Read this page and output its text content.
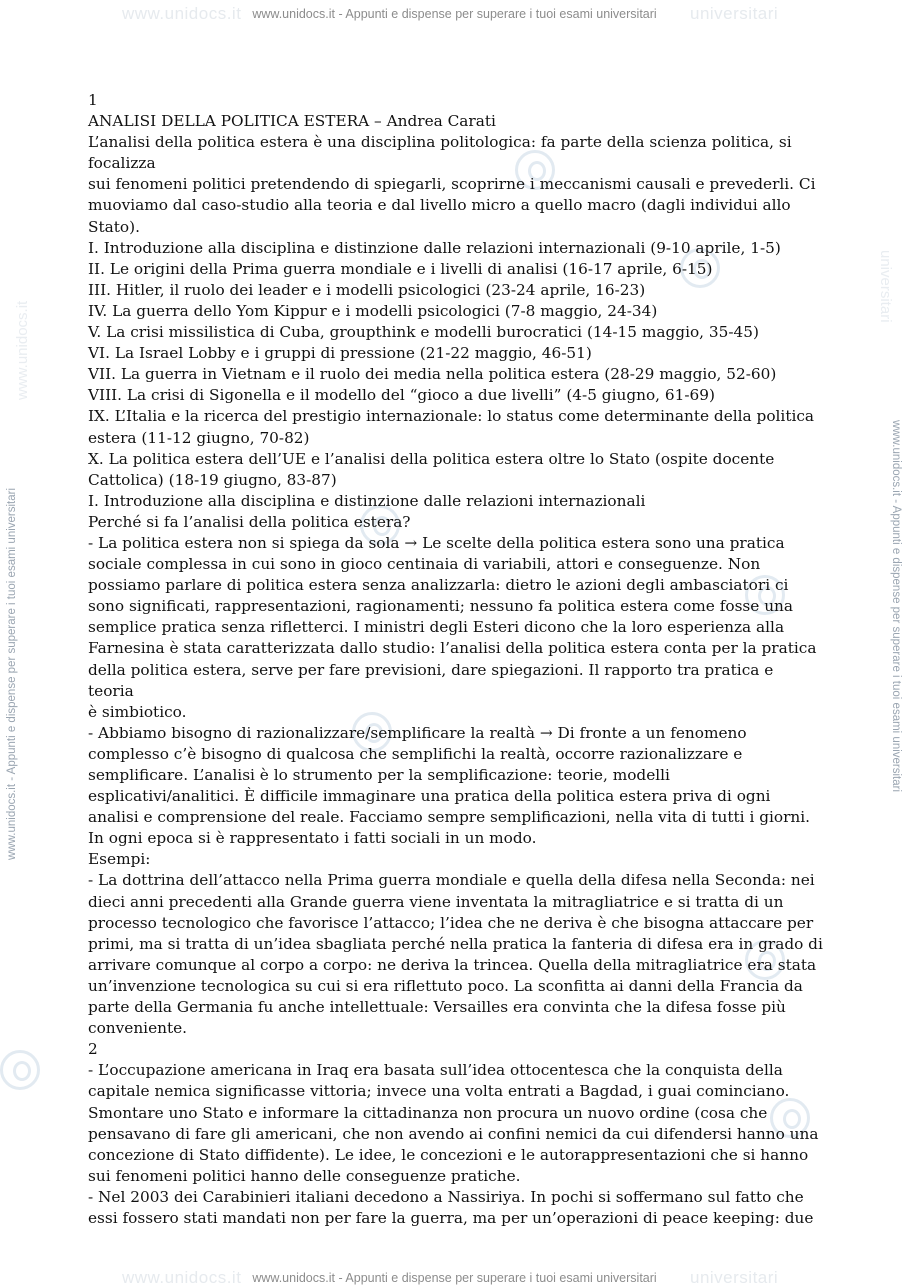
www.unidocs.it	universitari
www.unidocs.it - Appunti e dispense per superare i tuoi esami universitari
www.unidocs.it	universitari
www.unidocs.it - Appunti e dispense per superare i tuoi esami universitari
www.unidocs.it
www.unidocs.it - Appunti e dispense per superare i tuoi esami universitari
universitari
www.unidocs.it - Appunti e dispense per superare i tuoi esami universitari

1

ANALISI DELLA POLITICA ESTERA – Andrea Carati

L’analisi della politica estera è una disciplina politologica: fa parte della scienza politica, si

focalizza

sui fenomeni politici pretendendo di spiegarli, scoprirne i meccanismi causali e prevederli. Ci

muoviamo dal caso-studio alla teoria e dal livello micro a quello macro (dagli individui allo Stato).

I. Introduzione alla disciplina e distinzione dalle relazioni internazionali (9-10 aprile, 1-5)

II. Le origini della Prima guerra mondiale e i livelli di analisi (16-17 aprile, 6-15)

III. Hitler, il ruolo dei leader e i modelli psicologici (23-24 aprile, 16-23)

IV. La guerra dello Yom Kippur e i modelli psicologici (7-8 maggio, 24-34)

V. La crisi missilistica di Cuba, groupthink e modelli burocratici (14-15 maggio, 35-45)

VI. La Israel Lobby e i gruppi di pressione (21-22 maggio, 46-51)

VII. La guerra in Vietnam e il ruolo dei media nella politica estera (28-29 maggio, 52-60)

VIII. La crisi di Sigonella e il modello del “gioco a due livelli” (4-5 giugno, 61-69)

IX. L’Italia e la ricerca del prestigio internazionale: lo status come determinante della politica

estera (11-12 giugno, 70-82)

X. La politica estera dell’UE e l’analisi della politica estera oltre lo Stato (ospite docente

Cattolica) (18-19 giugno, 83-87)

I. Introduzione alla disciplina e distinzione dalle relazioni internazionali

Perché si fa l’analisi della politica estera?

- La politica estera non si spiega da sola → Le scelte della politica estera sono una pratica

sociale complessa in cui sono in gioco centinaia di variabili, attori e conseguenze. Non

possiamo parlare di politica estera senza analizzarla: dietro le azioni degli ambasciatori ci

sono significati, rappresentazioni, ragionamenti; nessuno fa politica estera come fosse una

semplice pratica senza rifletterci. I ministri degli Esteri dicono che la loro esperienza alla

Farnesina è stata caratterizzata dallo studio: l’analisi della politica estera conta per la pratica

della politica estera, serve per fare previsioni, dare spiegazioni. Il rapporto tra pratica e teoria

è simbiotico.

- Abbiamo bisogno di razionalizzare/semplificare la realtà → Di fronte a un fenomeno

complesso c’è bisogno di qualcosa che semplifichi la realtà, occorre razionalizzare e

semplificare. L’analisi è lo strumento per la semplificazione: teorie, modelli

esplicativi/analitici. È difficile immaginare una pratica della politica estera priva di ogni

analisi e comprensione del reale. Facciamo sempre semplificazioni, nella vita di tutti i giorni.

In ogni epoca si è rappresentato i fatti sociali in un modo.

Esempi:

- La dottrina dell’attacco nella Prima guerra mondiale e quella della difesa nella Seconda: nei

dieci anni precedenti alla Grande guerra viene inventata la mitragliatrice e si tratta di un

processo tecnologico che favorisce l’attacco; l’idea che ne deriva è che bisogna attaccare per

primi, ma si tratta di un’idea sbagliata perché nella pratica la fanteria di difesa era in grado di

arrivare comunque al corpo a corpo: ne deriva la trincea. Quella della mitragliatrice era stata

un’invenzione tecnologica su cui si era riflettuto poco. La sconfitta ai danni della Francia da

parte della Germania fu anche intellettuale: Versailles era convinta che la difesa fosse più

conveniente.

2

- L’occupazione americana in Iraq era basata sull’idea ottocentesca che la conquista della

capitale nemica significasse vittoria; invece una volta entrati a Bagdad, i guai cominciano.

Smontare uno Stato e informare la cittadinanza non procura un nuovo ordine (cosa che

pensavano di fare gli americani, che non avendo ai confini nemici da cui difendersi hanno una

concezione di Stato diffidente). Le idee, le concezioni e le autorappresentazioni che si hanno

sui fenomeni politici hanno delle conseguenze pratiche.

- Nel 2003 dei Carabinieri italiani decedono a Nassiriya. In pochi si soffermano sul fatto che

essi fossero stati mandati non per fare la guerra, ma per un’operazioni di peace keeping: due
